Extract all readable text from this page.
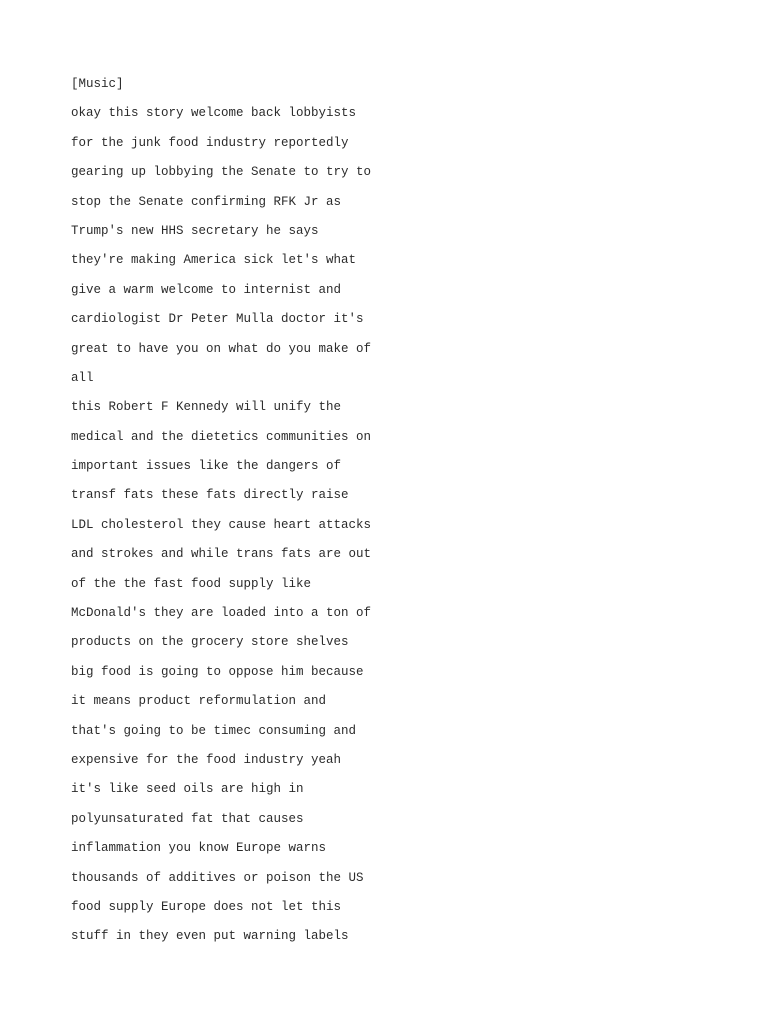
[Music]

okay this story welcome back lobbyists

for the junk food industry reportedly

gearing up lobbying the Senate to try to

stop the Senate confirming RFK Jr as

Trump's new HHS secretary he says

they're making America sick let's what

give a warm welcome to internist and

cardiologist Dr Peter Mulla doctor it's

great to have you on what do you make of

all

this Robert F Kennedy will unify the

medical and the dietetics communities on

important issues like the dangers of

transf fats these fats directly raise

LDL cholesterol they cause heart attacks

and strokes and while trans fats are out

of the the fast food supply like

McDonald's they are loaded into a ton of

products on the grocery store shelves

big food is going to oppose him because

it means product reformulation and

that's going to be timec consuming and

expensive for the food industry yeah

it's like seed oils are high in

polyunsaturated fat that causes

inflammation you know Europe warns

thousands of additives or poison the US

food supply Europe does not let this

stuff in they even put warning labels
